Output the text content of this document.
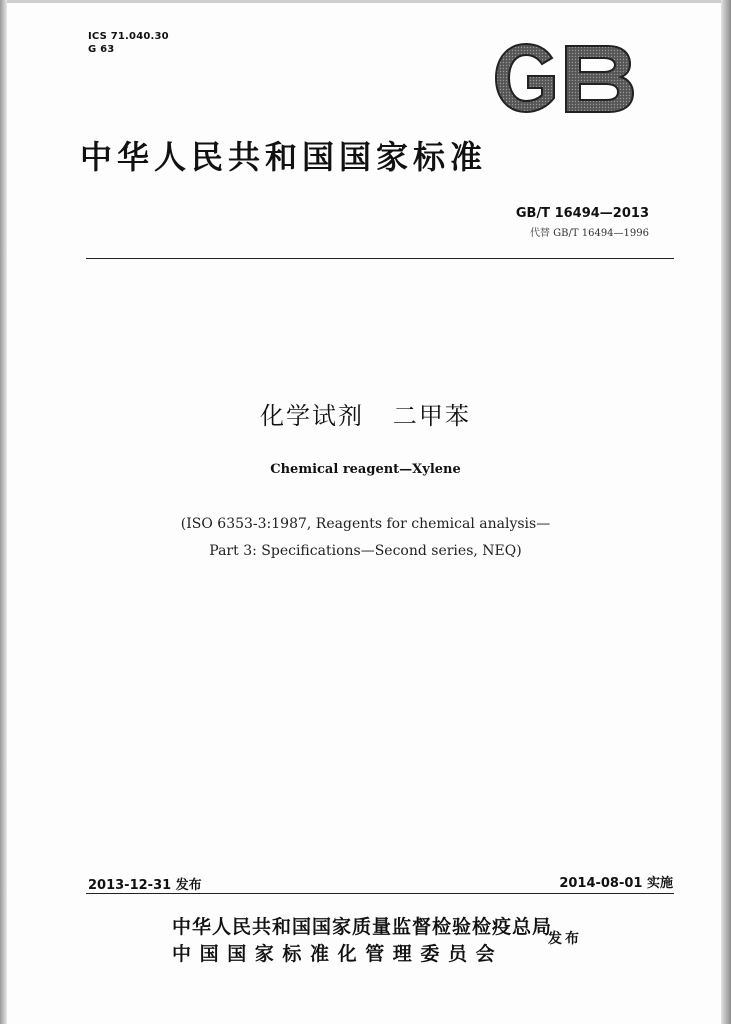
ICS 71.040.30
G 63
中华人民共和国国家标准
GB/T 16494—2013
代替 GB/T 16494—1996
化学试剂   二甲苯
Chemical reagent—Xylene
(ISO 6353-3:1987, Reagents for chemical analysis—
Part 3: Specifications—Second series, NEQ)
2013-12-31 发布	2014-08-01 实施
中华人民共和国国家质量监督检验检疫总局
中国国家标准化管理委员会
发布
